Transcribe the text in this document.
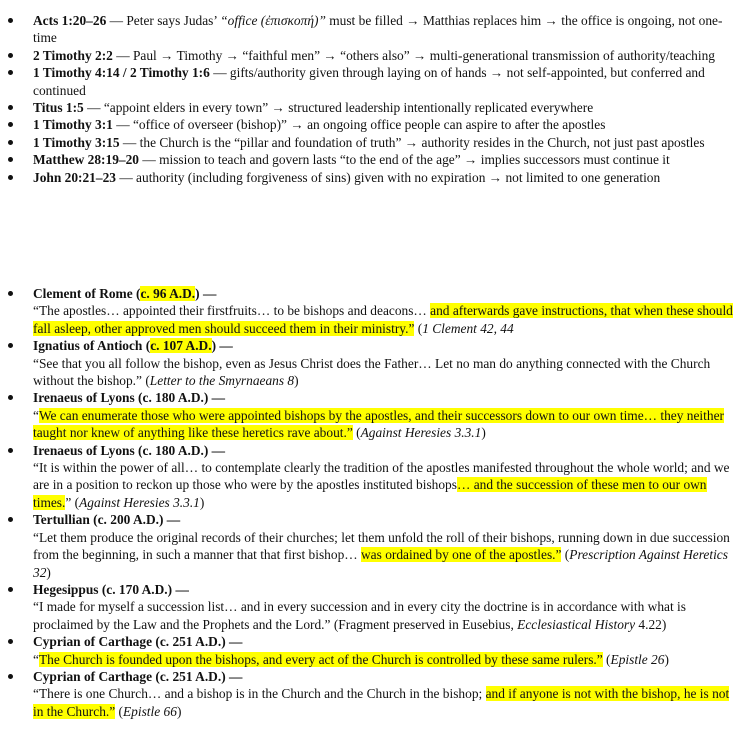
Acts 1:20–26 — Peter says Judas’ “office (ἐπισκοπή)” must be filled → Matthias replaces him → the office is ongoing, not one-time
2 Timothy 2:2 — Paul → Timothy → “faithful men” → “others also” → multi-generational transmission of authority/teaching
1 Timothy 4:14 / 2 Timothy 1:6 — gifts/authority given through laying on of hands → not self-appointed, but conferred and continued
Titus 1:5 — “appoint elders in every town” → structured leadership intentionally replicated everywhere
1 Timothy 3:1 — “office of overseer (bishop)” → an ongoing office people can aspire to after the apostles
1 Timothy 3:15 — the Church is the “pillar and foundation of truth” → authority resides in the Church, not just past apostles
Matthew 28:19–20 — mission to teach and govern lasts “to the end of the age” → implies successors must continue it
John 20:21–23 — authority (including forgiveness of sins) given with no expiration → not limited to one generation
Clement of Rome (c. 96 A.D.) —
“The apostles… appointed their firstfruits… to be bishops and deacons… and afterwards gave instructions, that when these should fall asleep, other approved men should succeed them in their ministry.” (1 Clement 42, 44
Ignatius of Antioch (c. 107 A.D.) —
“See that you all follow the bishop, even as Jesus Christ does the Father… Let no man do anything connected with the Church without the bishop.” (Letter to the Smyrnaeans 8)
Irenaeus of Lyons (c. 180 A.D.) —
“We can enumerate those who were appointed bishops by the apostles, and their successors down to our own time… they neither taught nor knew of anything like these heretics rave about.” (Against Heresies 3.3.1)
Irenaeus of Lyons (c. 180 A.D.) —
“It is within the power of all… to contemplate clearly the tradition of the apostles manifested throughout the whole world; and we are in a position to reckon up those who were by the apostles instituted bishops… and the succession of these men to our own times.” (Against Heresies 3.3.1)
Tertullian (c. 200 A.D.) —
“Let them produce the original records of their churches; let them unfold the roll of their bishops, running down in due succession from the beginning, in such a manner that that first bishop… was ordained by one of the apostles.” (Prescription Against Heretics 32)
Hegesippus (c. 170 A.D.) —
“I made for myself a succession list… and in every succession and in every city the doctrine is in accordance with what is proclaimed by the Law and the Prophets and the Lord.” (Fragment preserved in Eusebius, Ecclesiastical History 4.22)
Cyprian of Carthage (c. 251 A.D.) —
“The Church is founded upon the bishops, and every act of the Church is controlled by these same rulers.” (Epistle 26)
Cyprian of Carthage (c. 251 A.D.) —
“There is one Church… and a bishop is in the Church and the Church in the bishop; and if anyone is not with the bishop, he is not in the Church.” (Epistle 66)
